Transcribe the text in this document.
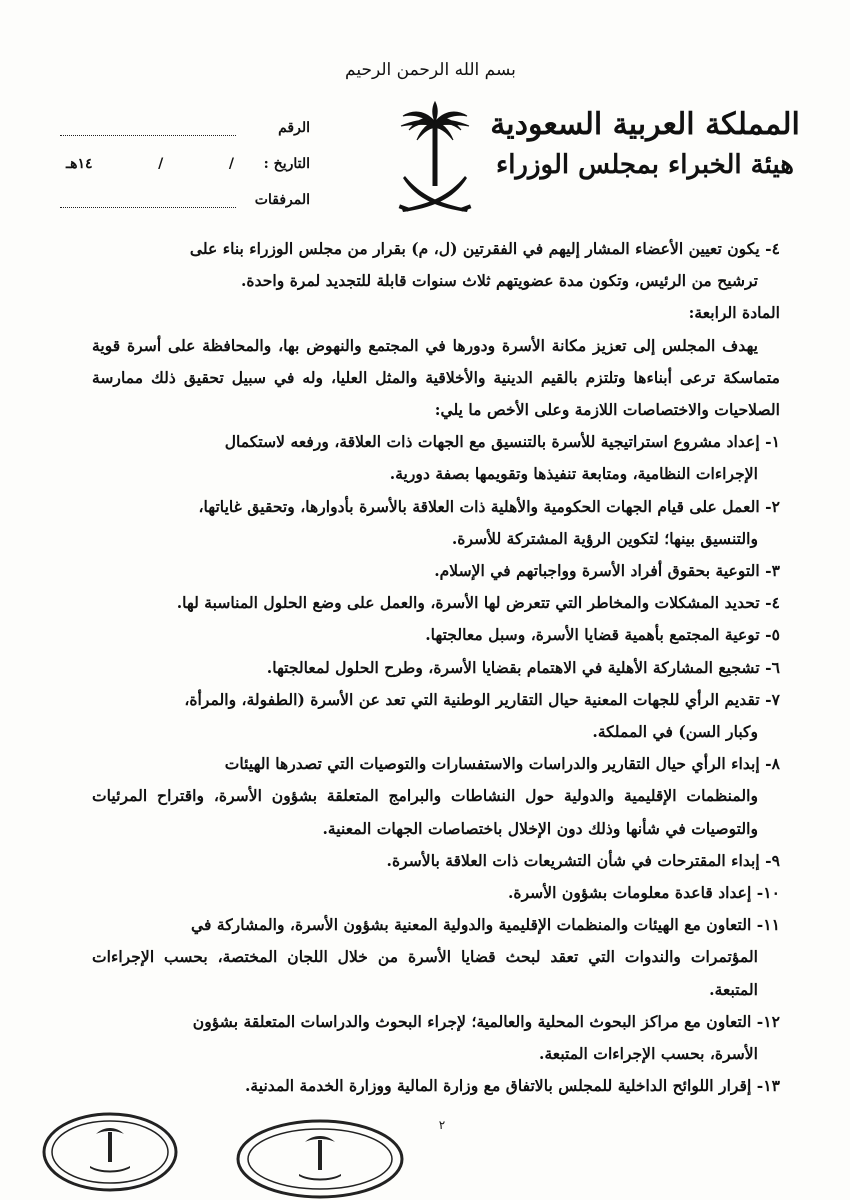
بسم الله الرحمن الرحيم
المملكة العربية السعودية
هيئة الخبراء بمجلس الوزراء
الرقم
التاريخ :
/
/
١٤هـ
المرفقات

٤- يكون تعيين الأعضاء المشار إليهم في الفقرتين (ل، م) بقرار من مجلس الوزراء بناء على
ترشيح من الرئيس، وتكون مدة عضويتهم ثلاث سنوات قابلة للتجديد لمرة واحدة.

المادة الرابعة:

يهدف المجلس إلى تعزيز مكانة الأسرة ودورها في المجتمع والنهوض بها، والمحافظة على أسرة قوية متماسكة ترعى أبناءها وتلتزم بالقيم الدينية والأخلاقية والمثل العليا، وله في سبيل تحقيق ذلك ممارسة الصلاحيات والاختصاصات اللازمة وعلى الأخص ما يلي:

١- إعداد مشروع استراتيجية للأسرة بالتنسيق مع الجهات ذات العلاقة، ورفعه لاستكمال
الإجراءات النظامية، ومتابعة تنفيذها وتقويمها بصفة دورية.

٢- العمل على قيام الجهات الحكومية والأهلية ذات العلاقة بالأسرة بأدوارها، وتحقيق غاياتها،
والتنسيق بينها؛ لتكوين الرؤية المشتركة للأسرة.

٣- التوعية بحقوق أفراد الأسرة وواجباتهم في الإسلام.

٤- تحديد المشكلات والمخاطر التي تتعرض لها الأسرة، والعمل على وضع الحلول المناسبة لها.

٥- توعية المجتمع بأهمية قضايا الأسرة، وسبل معالجتها.

٦- تشجيع المشاركة الأهلية في الاهتمام بقضايا الأسرة، وطرح الحلول لمعالجتها.

٧- تقديم الرأي للجهات المعنية حيال التقارير الوطنية التي تعد عن الأسرة (الطفولة، والمرأة،
وكبار السن) في المملكة.

٨- إبداء الرأي حيال التقارير والدراسات والاستفسارات والتوصيات التي تصدرها الهيئات
والمنظمات الإقليمية والدولية حول النشاطات والبرامج المتعلقة بشؤون الأسرة، واقتراح المرئيات والتوصيات في شأنها وذلك دون الإخلال باختصاصات الجهات المعنية.

٩- إبداء المقترحات في شأن التشريعات ذات العلاقة بالأسرة.

١٠- إعداد قاعدة معلومات بشؤون الأسرة.

١١- التعاون مع الهيئات والمنظمات الإقليمية والدولية المعنية بشؤون الأسرة، والمشاركة في
المؤتمرات والندوات التي تعقد لبحث قضايا الأسرة من خلال اللجان المختصة، بحسب الإجراءات المتبعة.

١٢- التعاون مع مراكز البحوث المحلية والعالمية؛ لإجراء البحوث والدراسات المتعلقة بشؤون
الأسرة، بحسب الإجراءات المتبعة.

١٣- إقرار اللوائح الداخلية للمجلس بالاتفاق مع وزارة المالية ووزارة الخدمة المدنية.

٢
